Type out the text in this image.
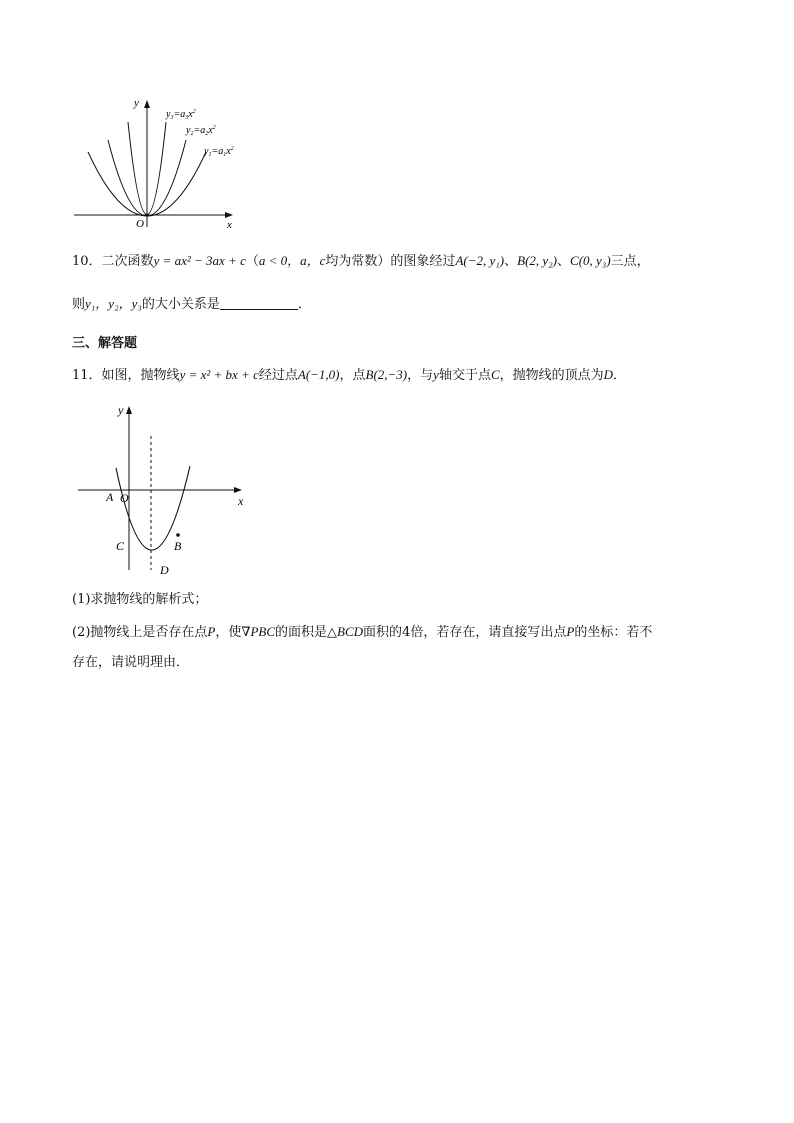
y
x
O
$y_3=a_3x^2$
$y_2=a_2x^2$
$y_1=a_1x^2$
10．二次函数y = ax² − 3ax + c（a < 0，a，c均为常数）的图象经过A(−2, y₁)、B(2, y₂)、C(0, y₃)三点，
则y₁，y₂，y₃的大小关系是	．
三、解答题
11．如图，抛物线y = x² + bx + c经过点A(−1,0)，点B(2,−3)，与y轴交于点C，抛物线的顶点为D．
y
x
A O
C	B
D
(1)求抛物线的解析式；
(2)抛物线上是否存在点P，使∇PBC的面积是△BCD面积的4倍，若存在，请直接写出点P的坐标：若不
存在，请说明理由．
